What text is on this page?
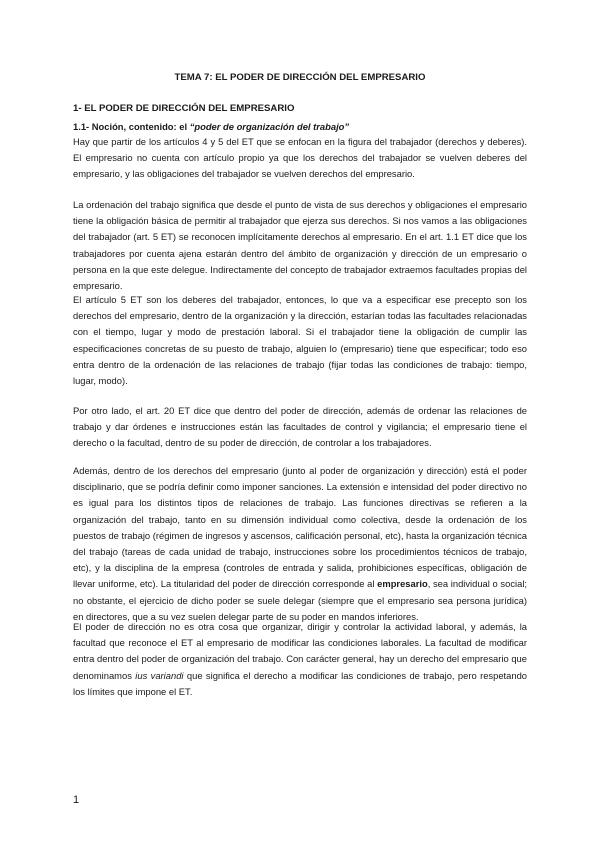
TEMA 7: EL PODER DE DIRECCIÓN DEL EMPRESARIO
1- EL PODER DE DIRECCIÓN DEL EMPRESARIO
1.1- Noción, contenido: el “poder de organización del trabajo”

Hay que partir de los artículos 4 y 5 del ET que se enfocan en la figura del trabajador (derechos y deberes). El empresario no cuenta con artículo propio ya que los derechos del trabajador se vuelven deberes del empresario, y las obligaciones del trabajador se vuelven derechos del empresario.

La ordenación del trabajo significa que desde el punto de vista de sus derechos y obligaciones el empresario tiene la obligación básica de permitir al trabajador que ejerza sus derechos. Si nos vamos a las obligaciones del trabajador (art. 5 ET) se reconocen implícitamente derechos al empresario. En el art. 1.1 ET dice que los trabajadores por cuenta ajena estarán dentro del ámbito de organización y dirección de un empresario o persona en la que este delegue. Indirectamente del concepto de trabajador extraemos facultades propias del empresario.

El artículo 5 ET son los deberes del trabajador, entonces, lo que va a especificar ese precepto son los derechos del empresario, dentro de la organización y la dirección, estarían todas las facultades relacionadas con el tiempo, lugar y modo de prestación laboral. Si el trabajador tiene la obligación de cumplir las especificaciones concretas de su puesto de trabajo, alguien lo (empresario) tiene que especificar; todo eso entra dentro de la ordenación de las relaciones de trabajo (fijar todas las condiciones de trabajo: tiempo, lugar, modo).

Por otro lado, el art. 20 ET dice que dentro del poder de dirección, además de ordenar las relaciones de trabajo y dar órdenes e instrucciones están las facultades de control y vigilancia; el empresario tiene el derecho o la facultad, dentro de su poder de dirección, de controlar a los trabajadores.

Además, dentro de los derechos del empresario (junto al poder de organización y dirección) está el poder disciplinario, que se podría definir como imponer sanciones. La extensión e intensidad del poder directivo no es igual para los distintos tipos de relaciones de trabajo. Las funciones directivas se refieren a la organización del trabajo, tanto en su dimensión individual como colectiva, desde la ordenación de los puestos de trabajo (régimen de ingresos y ascensos, calificación personal, etc), hasta la organización técnica del trabajo (tareas de cada unidad de trabajo, instrucciones sobre los procedimientos técnicos de trabajo, etc), y la disciplina de la empresa (controles de entrada y salida, prohibiciones específicas, obligación de llevar uniforme, etc). La titularidad del poder de dirección corresponde al empresario, sea individual o social; no obstante, el ejercicio de dicho poder se suele delegar (siempre que el empresario sea persona jurídica) en directores, que a su vez suelen delegar parte de su poder en mandos inferiores.

El poder de dirección no es otra cosa que organizar, dirigir y controlar la actividad laboral, y además, la facultad que reconoce el ET al empresario de modificar las condiciones laborales. La facultad de modificar entra dentro del poder de organización del trabajo. Con carácter general, hay un derecho del empresario que denominamos ius variandi que significa el derecho a modificar las condiciones de trabajo, pero respetando los límites que impone el ET.

1
